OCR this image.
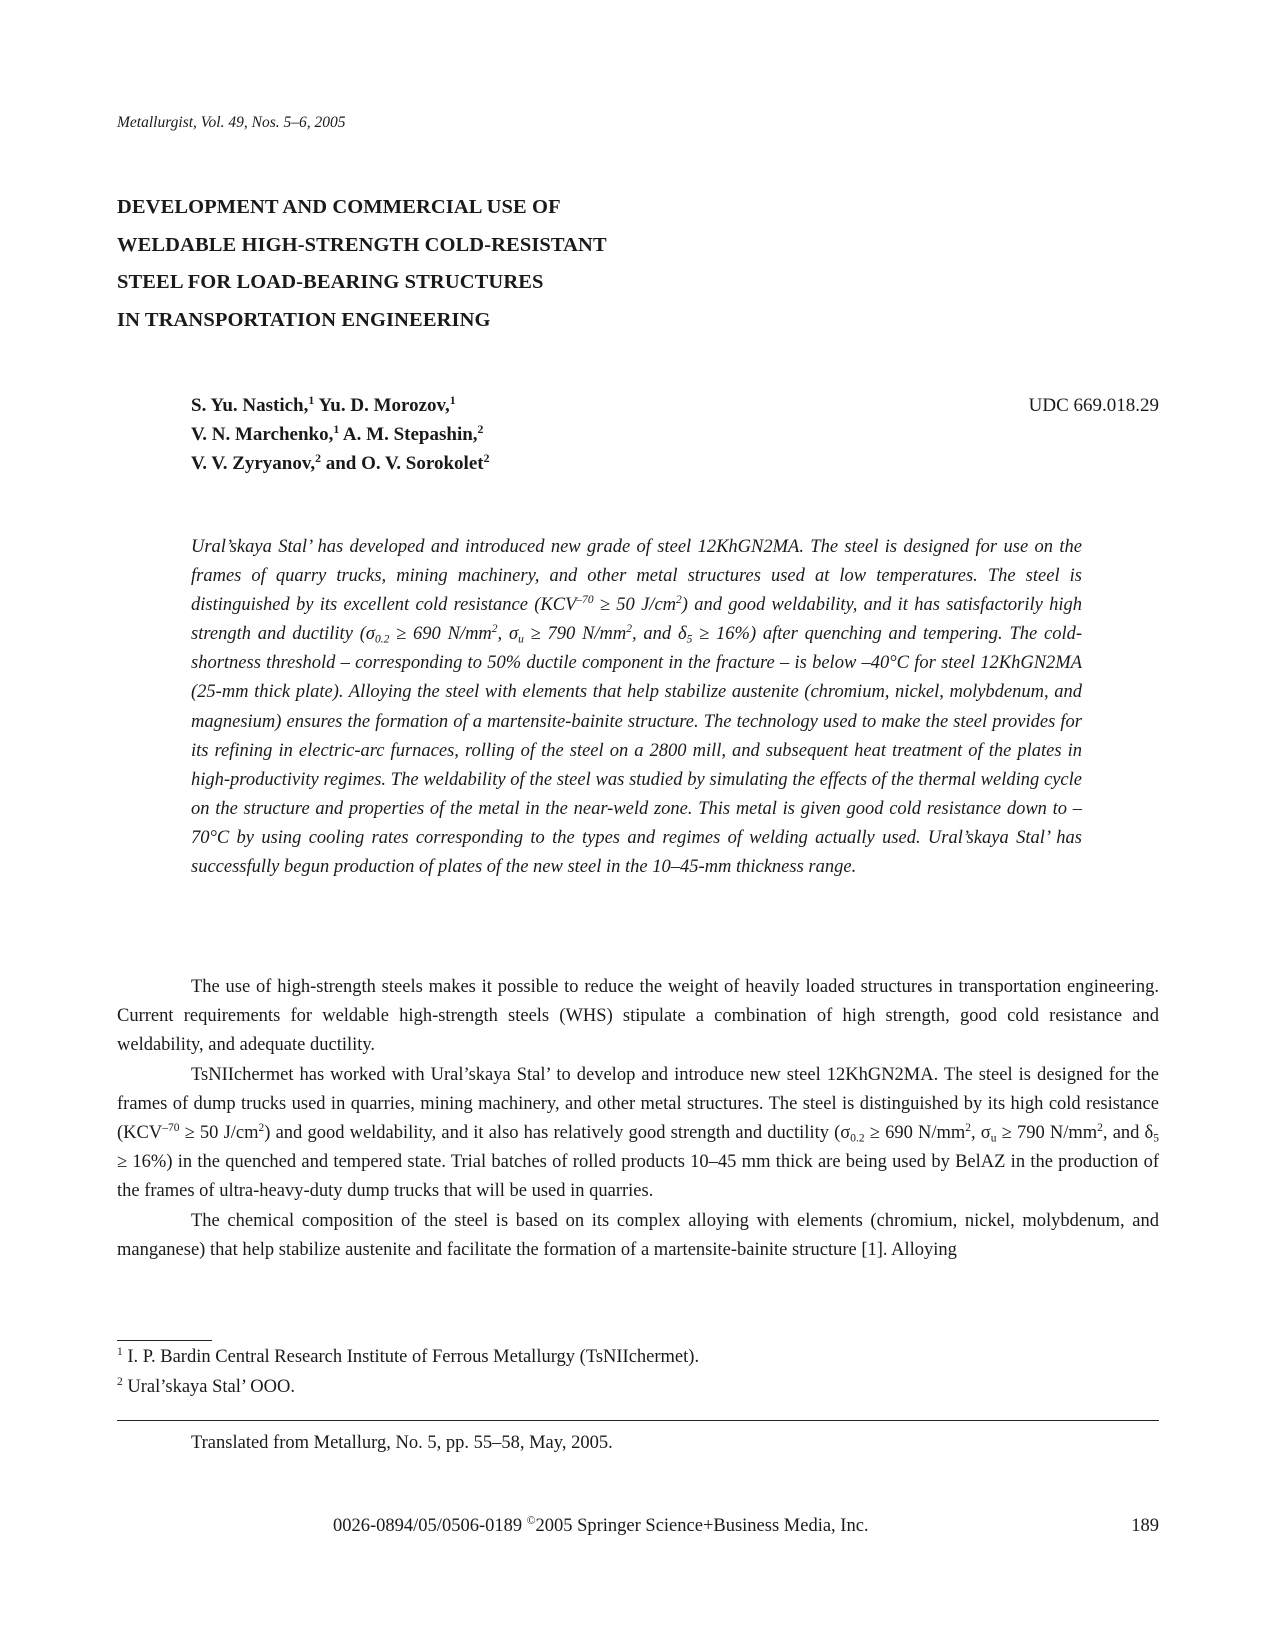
Metallurgist, Vol. 49, Nos. 5–6, 2005
DEVELOPMENT AND COMMERCIAL USE OF
WELDABLE HIGH-STRENGTH COLD-RESISTANT
STEEL FOR LOAD-BEARING STRUCTURES
IN TRANSPORTATION ENGINEERING
S. Yu. Nastich,$^1$ Yu. D. Morozov,$^1$
V. N. Marchenko,$^1$ A. M. Stepashin,$^2$
V. V. Zyryanov,$^2$ and O. V. Sorokolet$^2$
UDC 669.018.29

Ural’skaya Stal’ has developed and introduced new grade of steel 12KhGN2MA. The steel is designed for use on the frames of quarry trucks, mining machinery, and other metal structures used at low temperatures. The steel is distinguished by its excellent cold resistance ($KCV^{-70} \ge 50$ $J/cm^2$) and good weldability, and it has satisfactorily high strength and ductility ($\sigma_{0.2} \ge 690$ $N/mm^2$, $\sigma_u \ge 790$ $N/mm^2$, and $\delta_5 \ge 16\%$) after quenching and tempering. The cold-shortness threshold – corresponding to 50% ductile component in the fracture – is below –40°C for steel 12KhGN2MA (25-mm thick plate). Alloying the steel with elements that help stabilize austenite (chromium, nickel, molybdenum, and magnesium) ensures the formation of a martensite-bainite structure. The technology used to make the steel provides for its refining in electric-arc furnaces, rolling of the steel on a 2800 mill, and subsequent heat treatment of the plates in high-productivity regimes. The weldability of the steel was studied by simulating the effects of the thermal welding cycle on the structure and properties of the metal in the near-weld zone. This metal is given good cold resistance down to –70°C by using cooling rates corresponding to the types and regimes of welding actually used. Ural’skaya Stal’ has successfully begun production of plates of the new steel in the 10–45-mm thickness range.

The use of high-strength steels makes it possible to reduce the weight of heavily loaded structures in transportation engineering. Current requirements for weldable high-strength steels (WHS) stipulate a combination of high strength, good cold resistance and weldability, and adequate ductility.

TsNIIchermet has worked with Ural’skaya Stal’ to develop and introduce new steel 12KhGN2MA. The steel is designed for the frames of dump trucks used in quarries, mining machinery, and other metal structures. The steel is distinguished by its high cold resistance ($KCV^{-70} \ge 50$ $J/cm^2$) and good weldability, and it also has relatively good strength and ductility ($\sigma_{0.2} \ge 690$ $N/mm^2$, $\sigma_u \ge 790$ $N/mm^2$, and $\delta_5 \ge 16\%$) in the quenched and tempered state. Trial batches of rolled products 10–45 mm thick are being used by BelAZ in the production of the frames of ultra-heavy-duty dump trucks that will be used in quarries.

The chemical composition of the steel is based on its complex alloying with elements (chromium, nickel, molybdenum, and manganese) that help stabilize austenite and facilitate the formation of a martensite-bainite structure [1]. Alloying

$^1$ I. P. Bardin Central Research Institute of Ferrous Metallurgy (TsNIIchermet).
$^2$ Ural’skaya Stal’ OOO.
Translated from Metallurg, No. 5, pp. 55–58, May, 2005.
0026-0894/05/0506-0189 ©2005 Springer Science+Business Media, Inc.	189
